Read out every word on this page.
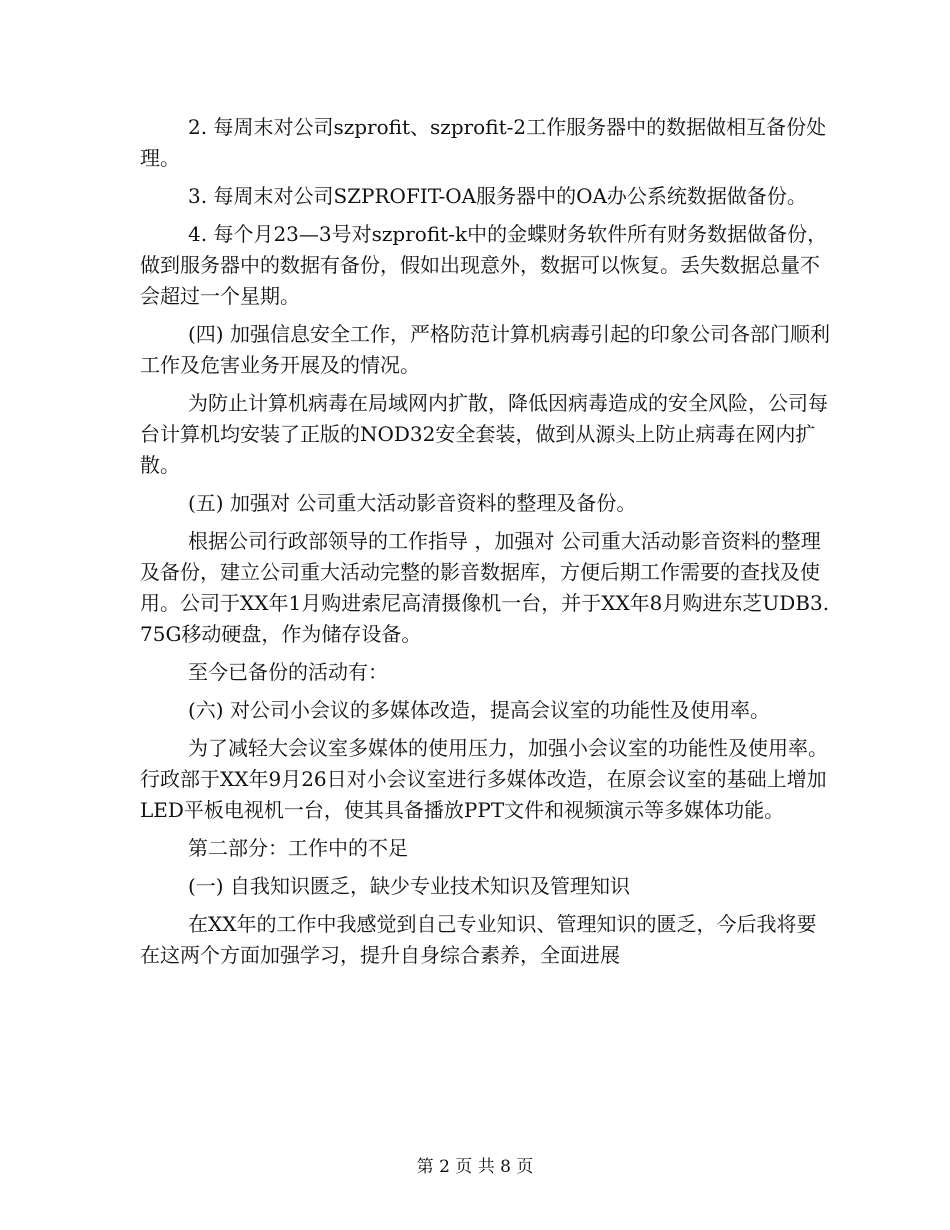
2. 每周末对公司szprofit、szprofit-2工作服务器中的数据做相互备份处理。

3. 每周末对公司SZPROFIT-OA服务器中的OA办公系统数据做备份。

4. 每个月23—3号对szprofit-k中的金蝶财务软件所有财务数据做备份，做到服务器中的数据有备份，假如出现意外，数据可以恢复。丢失数据总量不会超过一个星期。

(四) 加强信息安全工作，严格防范计算机病毒引起的印象公司各部门顺利工作及危害业务开展及的情况。

为防止计算机病毒在局域网内扩散，降低因病毒造成的安全风险，公司每台计算机均安装了正版的NOD32安全套装，做到从源头上防止病毒在网内扩散。

(五) 加强对 公司重大活动影音资料的整理及备份。

根据公司行政部领导的工作指导 ，加强对 公司重大活动影音资料的整理及备份，建立公司重大活动完整的影音数据库，方便后期工作需要的查找及使用。公司于XX年1月购进索尼高清摄像机一台，并于XX年8月购进东芝UDB3. 75G移动硬盘，作为储存设备。

至今已备份的活动有：

(六) 对公司小会议的多媒体改造，提高会议室的功能性及使用率。

为了减轻大会议室多媒体的使用压力，加强小会议室的功能性及使用率。行政部于XX年9月26日对小会议室进行多媒体改造，在原会议室的基础上增加LED平板电视机一台，使其具备播放PPT文件和视频演示等多媒体功能。

第二部分：工作中的不足

(一) 自我知识匮乏，缺少专业技术知识及管理知识

在XX年的工作中我感觉到自己专业知识、管理知识的匮乏，今后我将要在这两个方面加强学习，提升自身综合素养，全面进展

第 2 页 共 8 页
